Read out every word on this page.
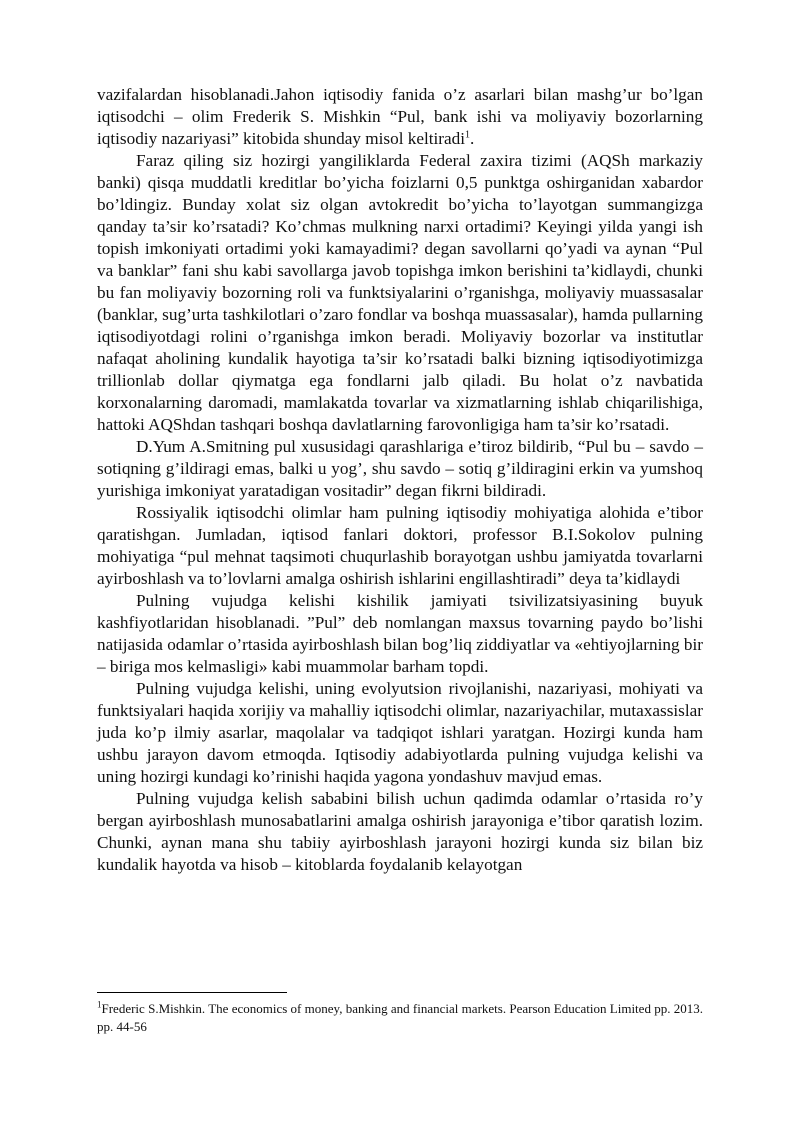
vazifalardan hisoblanadi.Jahon iqtisodiy fanida o’z asarlari bilan mashg’ur bo’lgan iqtisodchi – olim Frederik S. Mishkin “Pul, bank ishi va moliyaviy bozorlarning iqtisodiy nazariyasi” kitobida shunday misol keltiradi$^1$.

Faraz qiling siz hozirgi yangiliklarda Federal zaxira tizimi (AQSh markaziy banki) qisqa muddatli kreditlar bo’yicha foizlarni 0,5 punktga oshirganidan xabardor bo’ldingiz. Bunday xolat siz olgan avtokredit bo’yicha to’layotgan summangizga qanday ta’sir ko’rsatadi? Ko’chmas mulkning narxi ortadimi? Keyingi yilda yangi ish topish imkoniyati ortadimi yoki kamayadimi? degan savollarni qo’yadi va aynan “Pul va banklar” fani shu kabi savollarga javob topishga imkon berishini ta’kidlaydi, chunki bu fan moliyaviy bozorning roli va funktsiyalarini o’rganishga, moliyaviy muassasalar (banklar, sug’urta tashkilotlari o’zaro fondlar va boshqa muassasalar), hamda pullarning iqtisodiyotdagi rolini o’rganishga imkon beradi. Moliyaviy bozorlar va institutlar nafaqat aholining kundalik hayotiga ta’sir ko’rsatadi balki bizning iqtisodiyotimizga trillionlab dollar qiymatga ega fondlarni jalb qiladi. Bu holat o’z navbatida korxonalarning daromadi, mamlakatda tovarlar va xizmatlarning ishlab chiqarilishiga, hattoki AQShdan tashqari boshqa davlatlarning farovonligiga ham ta’sir ko’rsatadi.

D.Yum A.Smitning pul xususidagi qarashlariga e’tiroz bildirib, “Pul bu – savdo – sotiqning g’ildiragi emas, balki u yog’, shu savdo – sotiq g’ildiragini erkin va yumshoq yurishiga imkoniyat yaratadigan vositadir” degan fikrni bildiradi.

Rossiyalik iqtisodchi olimlar ham pulning iqtisodiy mohiyatiga alohida e’tibor qaratishgan. Jumladan, iqtisod fanlari doktori, professor B.I.Sokolov pulning mohiyatiga “pul mehnat taqsimoti chuqurlashib borayotgan ushbu jamiyatda tovarlarni ayirboshlash va to’lovlarni amalga oshirish ishlarini engillashtiradi” deya ta’kidlaydi

Pulning vujudga kelishi kishilik jamiyati tsivilizatsiyasining buyuk kashfiyotlaridan hisoblanadi. ”Pul” deb nomlangan maxsus tovarning paydo bo’lishi natijasida odamlar o’rtasida ayirboshlash bilan bog’liq ziddiyatlar va «ehtiyojlarning bir – biriga mos kelmasligi» kabi muammolar barham topdi.

Pulning vujudga kelishi, uning evolyutsion rivojlanishi, nazariyasi, mohiyati va funktsiyalari haqida xorijiy va mahalliy iqtisodchi olimlar, nazariyachilar, mutaxassislar juda ko’p ilmiy asarlar, maqolalar va tadqiqot ishlari yaratgan. Hozirgi kunda ham ushbu jarayon davom etmoqda. Iqtisodiy adabiyotlarda pulning vujudga kelishi va uning hozirgi kundagi ko’rinishi haqida yagona yondashuv mavjud emas.

Pulning vujudga kelish sababini bilish uchun qadimda odamlar o’rtasida ro’y bergan ayirboshlash munosabatlarini amalga oshirish jarayoniga e’tibor qaratish lozim. Chunki, aynan mana shu tabiiy ayirboshlash jarayoni hozirgi kunda siz bilan biz kundalik hayotda va hisob – kitoblarda foydalanib kelayotgan

$^1$Frederic S.Mishkin. The economics of money, banking and financial markets. Pearson Education Limited pp. 2013. pp. 44-56
